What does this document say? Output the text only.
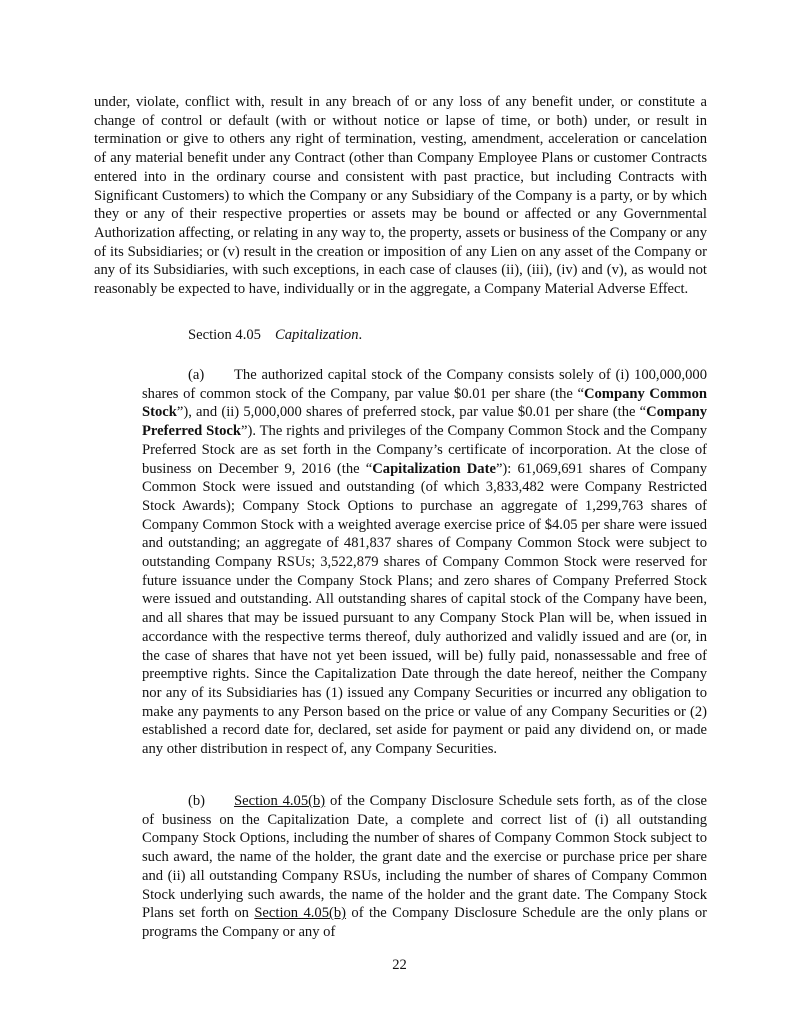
under, violate, conflict with, result in any breach of or any loss of any benefit under, or constitute a change of control or default (with or without notice or lapse of time, or both) under, or result in termination or give to others any right of termination, vesting, amendment, acceleration or cancelation of any material benefit under any Contract (other than Company Employee Plans or customer Contracts entered into in the ordinary course and consistent with past practice, but including Contracts with Significant Customers) to which the Company or any Subsidiary of the Company is a party, or by which they or any of their respective properties or assets may be bound or affected or any Governmental Authorization affecting, or relating in any way to, the property, assets or business of the Company or any of its Subsidiaries; or (v) result in the creation or imposition of any Lien on any asset of the Company or any of its Subsidiaries, with such exceptions, in each case of clauses (ii), (iii), (iv) and (v), as would not reasonably be expected to have, individually or in the aggregate, a Company Material Adverse Effect.

Section 4.05 Capitalization.

(a) The authorized capital stock of the Company consists solely of (i) 100,000,000 shares of common stock of the Company, par value $0.01 per share (the “Company Common Stock”), and (ii) 5,000,000 shares of preferred stock, par value $0.01 per share (the “Company Preferred Stock”). The rights and privileges of the Company Common Stock and the Company Preferred Stock are as set forth in the Company’s certificate of incorporation. At the close of business on December 9, 2016 (the “Capitalization Date”): 61,069,691 shares of Company Common Stock were issued and outstanding (of which 3,833,482 were Company Restricted Stock Awards); Company Stock Options to purchase an aggregate of 1,299,763 shares of Company Common Stock with a weighted average exercise price of $4.05 per share were issued and outstanding; an aggregate of 481,837 shares of Company Common Stock were subject to outstanding Company RSUs; 3,522,879 shares of Company Common Stock were reserved for future issuance under the Company Stock Plans; and zero shares of Company Preferred Stock were issued and outstanding. All outstanding shares of capital stock of the Company have been, and all shares that may be issued pursuant to any Company Stock Plan will be, when issued in accordance with the respective terms thereof, duly authorized and validly issued and are (or, in the case of shares that have not yet been issued, will be) fully paid, nonassessable and free of preemptive rights. Since the Capitalization Date through the date hereof, neither the Company nor any of its Subsidiaries has (1) issued any Company Securities or incurred any obligation to make any payments to any Person based on the price or value of any Company Securities or (2) established a record date for, declared, set aside for payment or paid any dividend on, or made any other distribution in respect of, any Company Securities.

(b) Section 4.05(b) of the Company Disclosure Schedule sets forth, as of the close of business on the Capitalization Date, a complete and correct list of (i) all outstanding Company Stock Options, including the number of shares of Company Common Stock subject to such award, the name of the holder, the grant date and the exercise or purchase price per share and (ii) all outstanding Company RSUs, including the number of shares of Company Common Stock underlying such awards, the name of the holder and the grant date. The Company Stock Plans set forth on Section 4.05(b) of the Company Disclosure Schedule are the only plans or programs the Company or any of

22
